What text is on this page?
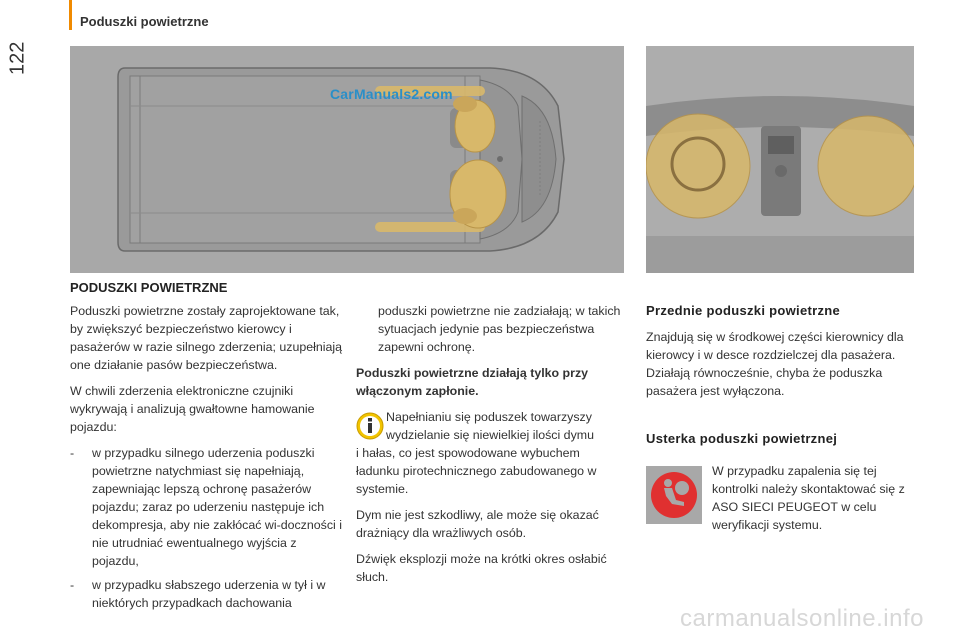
122
Poduszki powietrzne
CarManuals2.com
PODUSZKI POWIETRZNE

Poduszki powietrzne zostały zaprojektowane tak, by zwiększyć bezpieczeństwo kierowcy i pasażerów w razie silnego zderzenia; uzupełniają one działanie pasów bezpieczeństwa.

W chwili zderzenia elektroniczne czujniki wykrywają i analizują gwałtowne hamowanie pojazdu:

- w przypadku silnego uderzenia poduszki powietrzne natychmiast się napełniają, zapewniając lepszą ochronę pasażerów pojazdu; zaraz po uderzeniu następuje ich dekompresja, aby nie zakłócać wi-doczności i nie utrudniać ewentualnego wyjścia z pojazdu,
- w przypadku słabszego uderzenia w tył i w niektórych przypadkach dachowania

poduszki powietrzne nie zadziałają; w takich sytuacjach jedynie pas bezpieczeństwa zapewni ochronę.

Poduszki powietrzne działają tylko przy włączonym zapłonie.

Napełnianiu się poduszek towarzyszy wydzielanie się niewielkiej ilości dymu

i hałas, co jest spowodowane wybuchem ładunku pirotechnicznego zabudowanego w systemie.

Dym nie jest szkodliwy, ale może się okazać drażniący dla wrażliwych osób.

Dźwięk eksplozji może na krótki okres osłabić słuch.

Przednie poduszki powietrzne

Znajdują się w środkowej części kierownicy dla kierowcy i w desce rozdzielczej dla pasażera. Działają równocześnie, chyba że poduszka pasażera jest wyłączona.

Usterka poduszki powietrznej

W przypadku zapalenia się tej kontrolki należy skontaktować się z ASO SIECI PEUGEOT w celu weryfikacji systemu.
carmanualsonline.info
